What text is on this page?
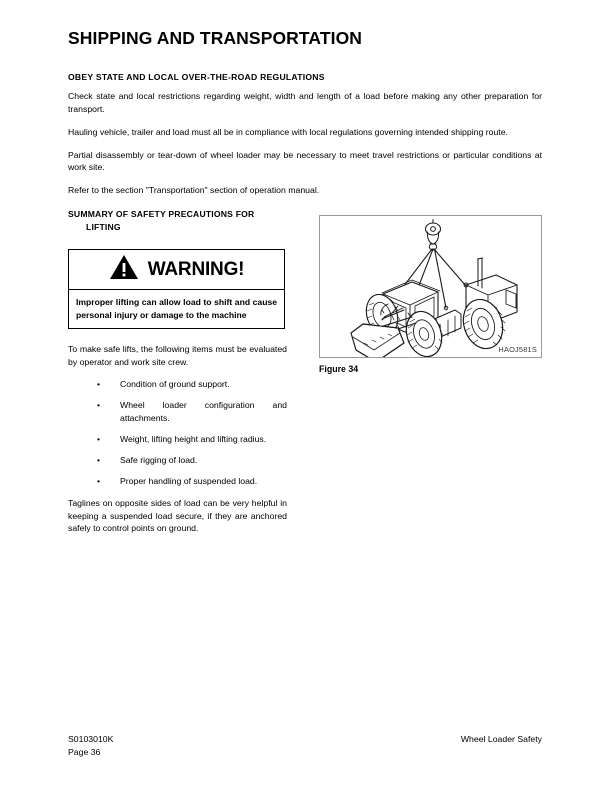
SHIPPING AND TRANSPORTATION
OBEY STATE AND LOCAL OVER-THE-ROAD REGULATIONS

Check state and local restrictions regarding weight, width and length of a load before making any other preparation for transport.

Hauling vehicle, trailer and load must all be in compliance with local regulations governing intended shipping route.

Partial disassembly or tear-down of wheel loader may be necessary to meet travel restrictions or particular conditions at work site.

Refer to the section "Transportation" section of operation manual.

SUMMARY OF SAFETY PRECAUTIONS FOR
LIFTING
WARNING!
Improper lifting can allow load to shift and cause personal injury or damage to the machine

To make safe lifts, the following items must be evaluated by operator and work site crew.

• Condition of ground support.
• Wheel loader configuration and attachments.
• Weight, lifting height and lifting radius.
• Safe rigging of load.
• Proper handling of suspended load.

Taglines on opposite sides of load can be very helpful in keeping a suspended load secure, if they are anchored safely to control points on ground.

HAOJ581S
Figure 34
S0103010K
Page 36
Wheel Loader Safety
